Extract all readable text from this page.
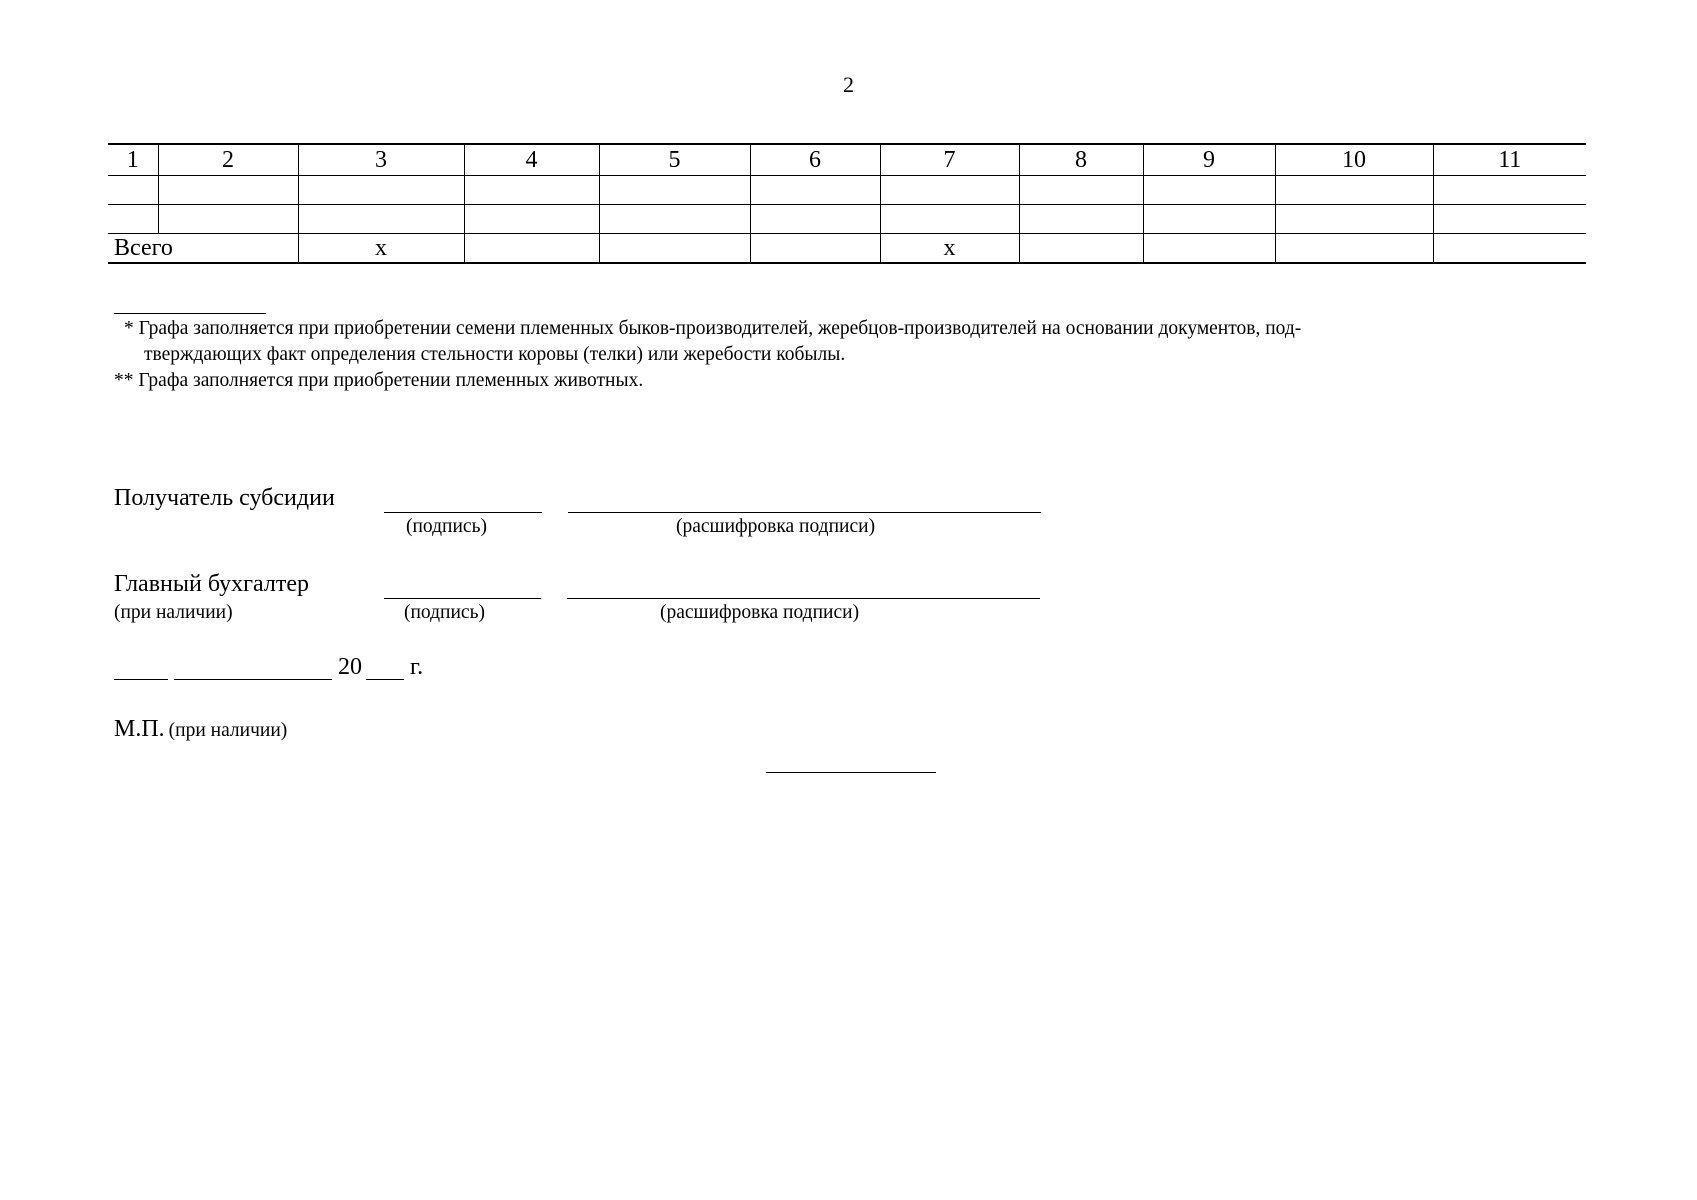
2
1	2	3	4	5	6	7	8	9	10	11

Всего		x				x				
* Графа заполняется при приобретении семени племенных быков-производителей, жеребцов-производителей на основании документов, под-
тверждающих факт определения стельности коровы (телки) или жеребости кобылы.
** Графа заполняется при приобретении племенных животных.
Получатель субсидии
(подпись)	(расшифровка подписи)
Главный бухгалтер
(при наличии)	(подпись)	(расшифровка подписи)
20 г.
М.П. (при наличии)
